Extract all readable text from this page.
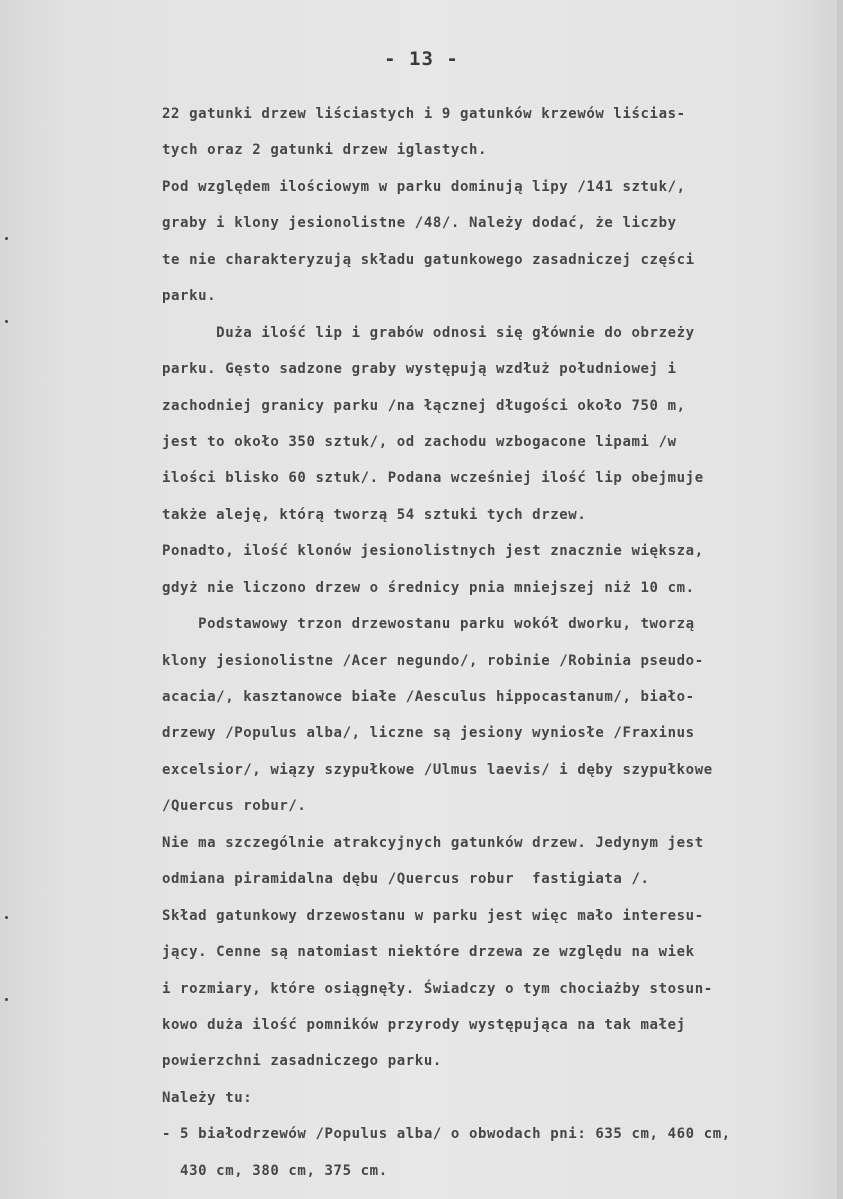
- 13 -
22 gatunki drzew liściastych i 9 gatunków krzewów liścias-
tych oraz 2 gatunki drzew iglastych.
Pod względem ilościowym w parku dominują lipy /141 sztuk/,
graby i klony jesionolistne /48/. Należy dodać, że liczby
te nie charakteryzują składu gatunkowego zasadniczej części
parku.
Duża ilość lip i grabów odnosi się głównie do obrzeży
parku. Gęsto sadzone graby występują wzdłuż południowej i
zachodniej granicy parku /na łącznej długości około 750 m,
jest to około 350 sztuk/, od zachodu wzbogacone lipami /w
ilości blisko 60 sztuk/. Podana wcześniej ilość lip obejmuje
także aleję, którą tworzą 54 sztuki tych drzew.
Ponadto, ilość klonów jesionolistnych jest znacznie większa,
gdyż nie liczono drzew o średnicy pnia mniejszej niż 10 cm.
Podstawowy trzon drzewostanu parku wokół dworku, tworzą
klony jesionolistne /Acer negundo/, robinie /Robinia pseudo-
acacia/, kasztanowce białe /Aesculus hippocastanum/, biało-
drzewy /Populus alba/, liczne są jesiony wyniosłe /Fraxinus
excelsior/, wiązy szypułkowe /Ulmus laevis/ i dęby szypułkowe
/Quercus robur/.
Nie ma szczególnie atrakcyjnych gatunków drzew. Jedynym jest
odmiana piramidalna dębu /Quercus robur  fastigiata /.
Skład gatunkowy drzewostanu w parku jest więc mało interesu-
jący. Cenne są natomiast niektóre drzewa ze względu na wiek
i rozmiary, które osiągnęły. Świadczy o tym chociażby stosun-
kowo duża ilość pomników przyrody występująca na tak małej
powierzchni zasadniczego parku.
Należy tu:
- 5 białodrzewów /Populus alba/ o obwodach pni: 635 cm, 460 cm,
430 cm, 380 cm, 375 cm.
